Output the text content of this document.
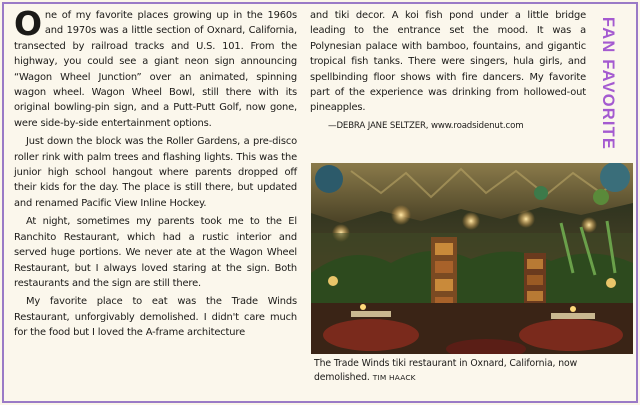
One of my favorite places growing up in the 1960s and 1970s was a little section of Oxnard, California, transected by railroad tracks and U.S. 101. From the highway, you could see a giant neon sign announcing “Wagon Wheel Junction” over an animated, spinning wagon wheel. Wagon Wheel Bowl, still there with its original bowling-pin sign, and a Putt-Putt Golf, now gone, were side-by-side entertainment options.

Just down the block was the Roller Gardens, a pre-disco roller rink with palm trees and flashing lights. This was the junior high school hangout where parents dropped off their kids for the day. The place is still there, but updated and renamed Pacific View Inline Hockey.

At night, sometimes my parents took me to the El Ranchito Restaurant, which had a rustic interior and served huge portions. We never ate at the Wagon Wheel Restaurant, but I always loved staring at the sign. Both restaurants and the sign are still there.

My favorite place to eat was the Trade Winds Restaurant, unforgivably demolished. I didn't care much for the food but I loved the A-frame architecture

and tiki decor. A koi fish pond under a little bridge leading to the entrance set the mood. It was a Polynesian palace with bamboo, fountains, and gigantic tropical fish tanks. There were singers, hula girls, and spellbinding floor shows with fire dancers. My favorite part of the experience was drinking from hollowed-out pineapples.

—DEBRA JANE SELTZER, www.roadsidenut.com	FAN FAVORITE
The Trade Winds tiki restaurant in Oxnard, California, now demolished. TIM HAACK
